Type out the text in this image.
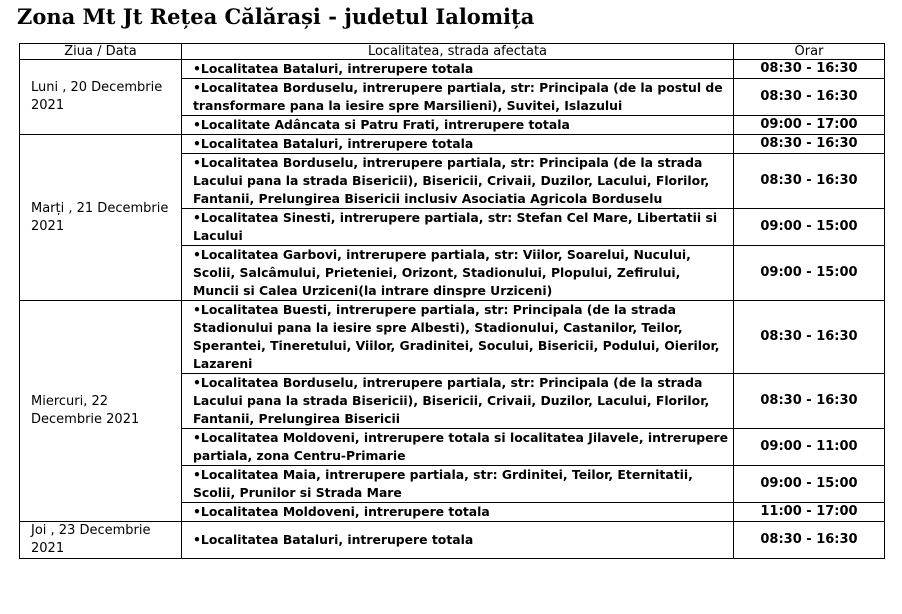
Zona Mt Jt Rețea Călărași - judetul Ialomița
Ziua / Data	Localitatea, strada afectata	Orar
Luni , 20 Decembrie 2021	•Localitatea Bataluri, intrerupere totala	08:30 - 16:30
	•Localitatea Borduselu, intrerupere partiala, str: Principala (de la postul de transformare pana la iesire spre Marsilieni), Suvitei, Islazului	08:30 - 16:30
	•Localitate Adâncata si Patru Frati, intrerupere totala	09:00 - 17:00
Marți , 21 Decembrie 2021	•Localitatea Bataluri, intrerupere totala	08:30 - 16:30
	•Localitatea Borduselu, intrerupere partiala, str: Principala (de la strada Lacului pana la strada Bisericii), Bisericii, Crivaii, Duzilor, Lacului, Florilor, Fantanii, Prelungirea Bisericii inclusiv Asociatia Agricola Borduselu	08:30 - 16:30
	•Localitatea Sinesti, intrerupere partiala, str: Stefan Cel Mare, Libertatii si Lacului	09:00 - 15:00
	•Localitatea Garbovi, intrerupere partiala, str: Viilor, Soarelui, Nucului, Scolii, Salcâmului, Prieteniei, Orizont, Stadionului, Plopului, Zefirului, Muncii si Calea Urziceni(la intrare dinspre Urziceni)	09:00 - 15:00
Miercuri, 22 Decembrie 2021	•Localitatea Buesti, intrerupere partiala, str: Principala (de la strada Stadionului pana la iesire spre Albesti), Stadionului, Castanilor, Teilor, Sperantei, Tineretului, Viilor, Gradinitei, Socului, Bisericii, Podului, Oierilor, Lazareni	08:30 - 16:30
	•Localitatea Borduselu, intrerupere partiala, str: Principala (de la strada Lacului pana la strada Bisericii), Bisericii, Crivaii, Duzilor, Lacului, Florilor, Fantanii, Prelungirea Bisericii	08:30 - 16:30
	•Localitatea Moldoveni, intrerupere totala si localitatea Jilavele, intrerupere partiala, zona Centru-Primarie	09:00 - 11:00
	•Localitatea Maia, intrerupere partiala, str: Grdinitei, Teilor, Eternitatii, Scolii, Prunilor si Strada Mare	09:00 - 15:00
	•Localitatea Moldoveni, intrerupere totala	11:00 - 17:00
Joi , 23 Decembrie 2021	•Localitatea Bataluri, intrerupere totala	08:30 - 16:30
